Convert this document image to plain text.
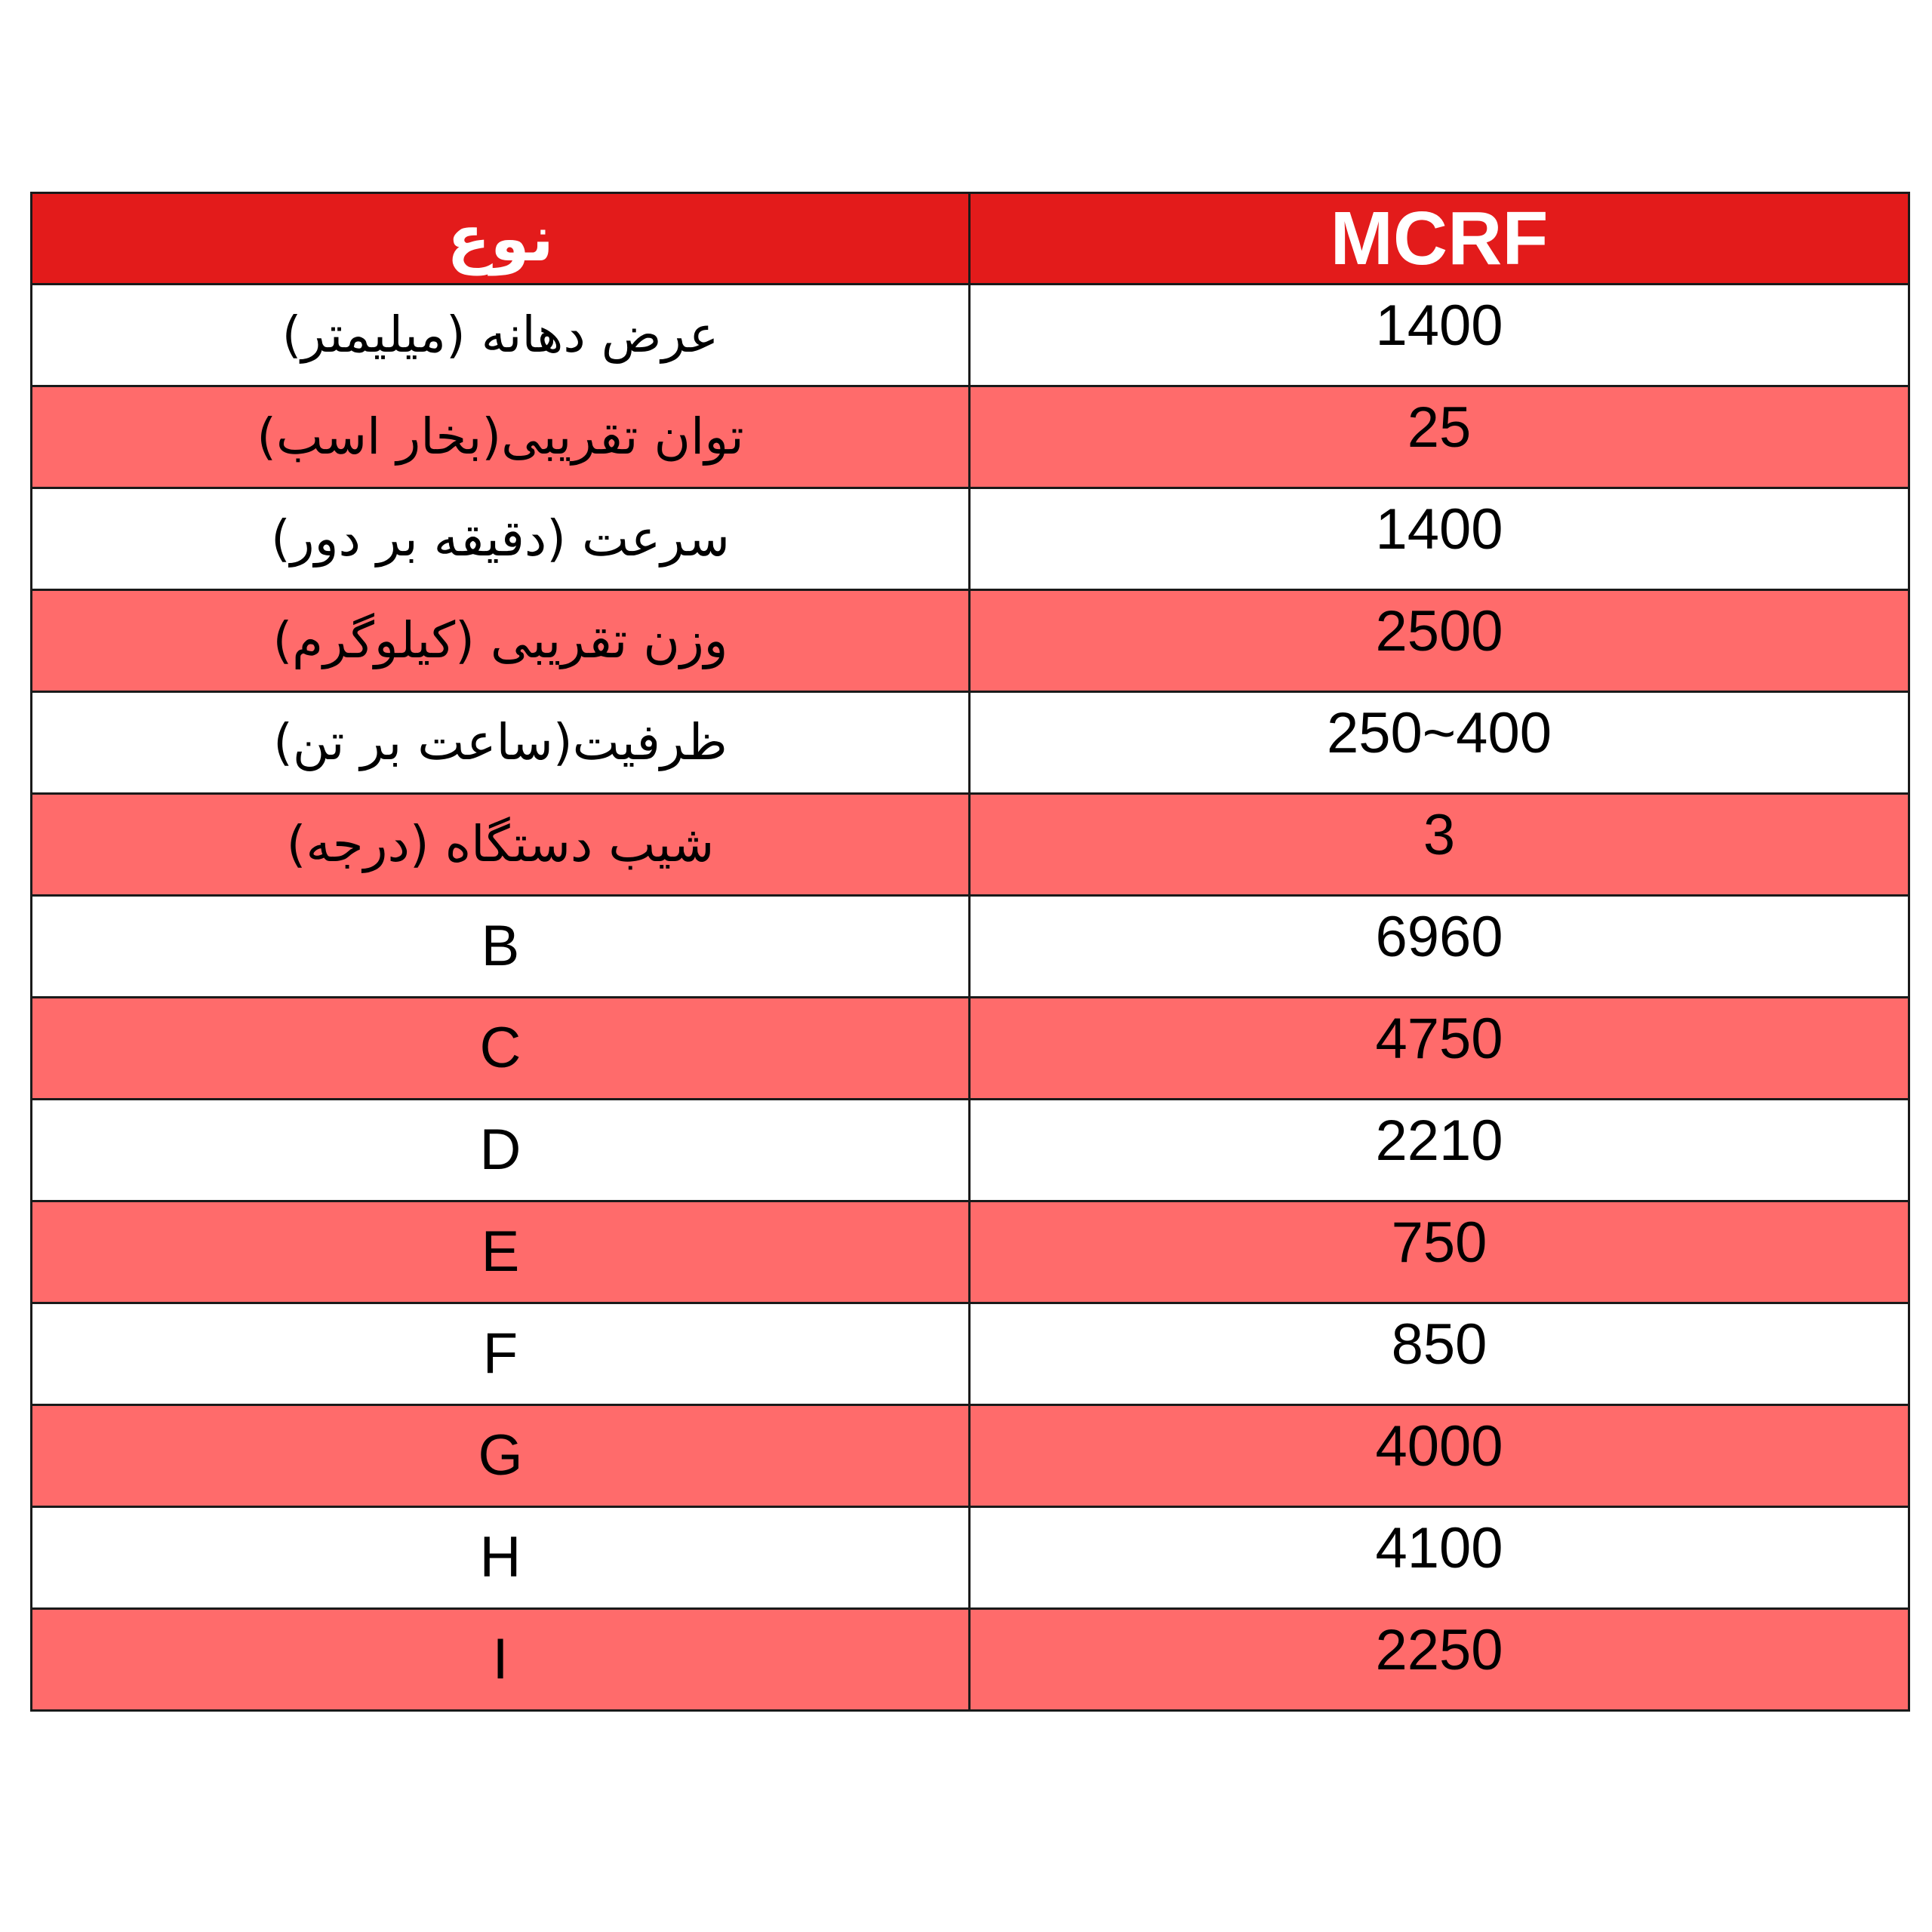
نوع	MCRF
عرض دهانه (میلیمتر)	1400
توان تقریبی(بخار اسب)	25
سرعت (دقیقه بر دور)	1400
وزن تقریبی (کیلوگرم)	2500
ظرفیت(ساعت بر تن)	250~400
شیب دستگاه (درجه)	3
B	6960
C	4750
D	2210
E	750
F	850
G	4000
H	4100
I	2250
